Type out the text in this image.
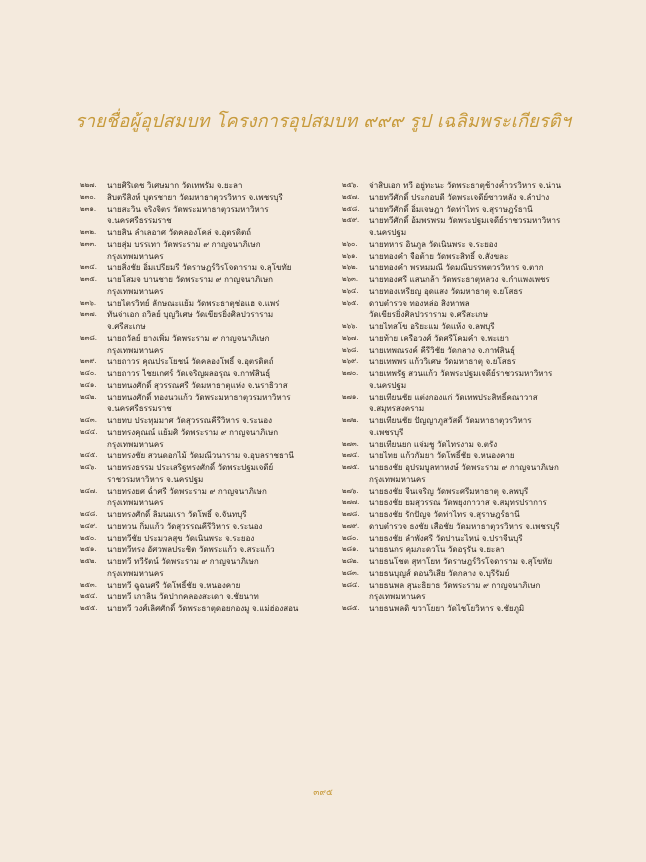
รายชื่อผู้อุปสมบท โครงการอุปสมบท ๙๙๙ รูป เฉลิมพระเกียรติฯ
๒๒๗.	นายศิริเดช วิเศษมาก วัดเทพรัม จ.ยะลา
๒๓๐.	สิบตรีสิงห์ บุตรชายา วัดมหาธาตุวรวิหาร จ.เพชรบุรี
๒๓๑.	นายสะวิน จริงจิตร วัดพระมหาธาตุวรมหาวิหาร
จ.นครศรีธรรมราช
๒๓๒.	นายสิน ลำเลอาศ วัดคลองโคล่ จ.อุตรดิตถ์
๒๓๓.	นายสุ่ม บรรเทา วัดพระราม ๙ กาญจนาภิเษก
กรุงเทพมหานคร
๒๓๔.	นายสิ่งชัย อิ่มเปรียมรี วัดราษฎร์วิรโจดาราม จ.ลุโขทัย
๒๓๕.	นายโสมจ บานชาย วัดพระราม ๙ กาญจนาภิเษก
กรุงเทพมหานคร
๒๓๖.	นายไตรวิทย์ ลักษณะแย้ม วัดพระธาตุช่อแฮ จ.แพร่
๒๓๗.	ทันจ่าเอก ถวิลย์ บุญวิเศษ วัดเขียรยิ่งศิลปวราราม
จ.ศรีสะเกษ
๒๓๘.	นายถวัลย์ ยางเพิ่ม วัดพระราม ๙ กาญจนาภิเษก
กรุงเทพมหานคร
๒๓๙.	นายถาวร คุณประโยชน์ วัดคลองโพธิ์ จ.อุตรดิตถ์
๒๔๐.	นายถาวร ไชยเกศร์ วัดเจริญผลอรุณ จ.กาฬสินธุ์
๒๔๑.	นายทนงศักดิ์ สุวรรณศรี วัดมหาธาตุแห่ง จ.นราธิวาส
๒๔๒.	นายทนงศักดิ์ ทองนวแก้ว วัดพระมหาธาตุวรมหาวิหาร
จ.นครศรีธรรมราช
๒๔๓.	นายทบ ประทุมมาศ วัดสุวรรณคีรีวิหาร จ.ระนอง
๒๔๔.	นายทรงคุณณ์ แย้มศิ วัดพระราม ๙ กาญจนาภิเษก
กรุงเทพมหานคร
๒๔๕.	นายทรงชัย สวนดอกไม้ วัดมณีวนาราม จ.อุบลราชธานี
๒๔๖.	นายทรงธรรม ประเสริฐทรงศักดิ์ วัดพระปฐมเจดีย์
ราชวรมหาวิหาร จ.นครปฐม
๒๔๗.	นายทรงยศ ฉ่ำศรี วัดพระราม ๙ กาญจนาภิเษก
กรุงเทพมหานคร
๒๔๘.	นายทรงศักดิ์ ลิมนมเรา วัดโพธิ์ จ.จันทบุรี
๒๔๙.	นายทวน กิ่มแก้ว วัดสุวรรณคีรีวิหาร จ.ระนอง
๒๕๐.	นายทวีชัย ประมวลสุข วัดเนินพระ จ.ระยอง
๒๕๑.	นายทวีทรง อัศวพลประชิต วัดพระแก้ว จ.สระแก้ว
๒๕๒.	นายทวี ทวีรัตน์ วัดพระราม ๙ กาญจนาภิเษก
กรุงเทพมหานคร
๒๕๓.	นายทวี ฉูฉนศรี วัดโพธิ์ชัย จ.หนองคาย
๒๕๔.	นายทวี เกาลิน วัดปากคลองสะเดา จ.ชัยนาท
๒๕๕.	นายทวี วงศ์เลิศศักดิ์ วัดพระธาตุดอยกองมู จ.แม่ฮ่องสอน
๒๕๖.	จ่าสิบเอก ทวี อยู่ทะนะ วัดพระธาตุช้างค้ำวรวิหาร จ.น่าน
๒๕๗.	นายทวีศักดิ์ ประกอบดี วัดพระเจดีย์ซาวหลัง จ.ลำปาง
๒๕๘.	นายทวีศักดิ์ อิ่มเจษฎา วัดท่าไทร จ.สุราษฎร์ธานี
๒๕๙.	นายทวีศักดิ์ อ้มพรพรม วัดพระปฐมเจดีย์ราชวรมหาวิหาร
จ.นครปฐม
๒๖๐.	นายทหาร อินภูล วัดเนินพระ จ.ระยอง
๒๖๑.	นายทองคำ จือต้าย วัดพระสิทธิ์ จ.สังขละ
๒๖๒.	นายทองคำ พรหมมณี วัดมณีบรรพตวรวิหาร จ.ตาก
๒๖๓.	นายทองศรี แสนกล้า วัดพระธาตุหลวง จ.กำแพงเพชร
๒๖๔.	นายทองเหรียญ อุดแสง วัดมหาธาตุ จ.ยโสธร
๒๖๕.	ดาบตำรวจ ทองหล่อ สิงหาพล
วัดเขียรยิ่งศิลปวราราม จ.ศรีสะเกษ
๒๖๖.	นายไทสโข อริยะแม วัดแห้ง จ.ลพบุรี
๒๖๗.	นายท้าย เครือวงศ์ วัดศรีโคมคำ จ.พะเยา
๒๖๘.	นายเทพณรงค์ คีรีวิชัย วัดกลาง จ.กาฬสินธุ์
๒๖๙.	นายเทพพร แก้ววิเศษ วัดมหาธาตุ จ.ยโสธร
๒๗๐.	นายเทพรัฐ สวนแก้ว วัดพระปฐมเจดีย์ราชวรมหาวิหาร
จ.นครปฐม
๒๗๑.	นายเทียนชัย แต่งกองแก่ วัดเทพประสิทธิ์คณาวาส
จ.สมุทรสงคราม
๒๗๒.	นายเทียนชัย ปัญญาภูสวัสดิ์ วัดมหาธาตุวรวิหาร
จ.เพชรบุรี
๒๗๓.	นายเทียนยก แจ่มชู วัดไทรงาม จ.ตรัง
๒๗๔.	นายไทย แก้วกัมยา วัดโพธิ์ชัย จ.หนองคาย
๒๗๕.	นายธงชัย อุปรมบูลทาหงษ์ วัดพระราม ๙ กาญจนาภิเษก
กรุงเทพมหานคร
๒๗๖.	นายธงชัย จีนเจริญ วัดพระศรีมหาธาตุ จ.ลพบุรี
๒๗๗.	นายธงชัย ยมสุวรรณ วัดพยุงกาวาส จ.สมุทรปราการ
๒๗๘.	นายธงชัย รักปัญจ วัดท่าไทร จ.สุราษฎร์ธานี
๒๗๙.	ดาบตำรวจ ธงชัย เสือชัย วัดมหาธาตุวรวิหาร จ.เพชรบุรี
๒๘๐.	นายธงชัย ลำพังศรี วัดปานะไหน่ จ.ปราจีนบุรี
๒๘๑.	นายธนกร คุมภะดวโน วัดอรุรัน จ.ยะลา
๒๘๒.	นายธนโชต สุทาโยท วัดราษฎร์วิรโจดาราม จ.สุโขทัย
๒๘๓.	นายธนบุญส์ ดอนวิเสีย วัดกลาง จ.บุรีรัมย์
๒๘๔.	นายธนพล สุนะธิยาธ วัดพระราม ๙ กาญจนาภิเษก
กรุงเทพมหานคร
๒๘๕.	นายธนพลดิ ขวาโยยา วัดไชโยวิหาร จ.ชัยภูมิ
๓๙๕
